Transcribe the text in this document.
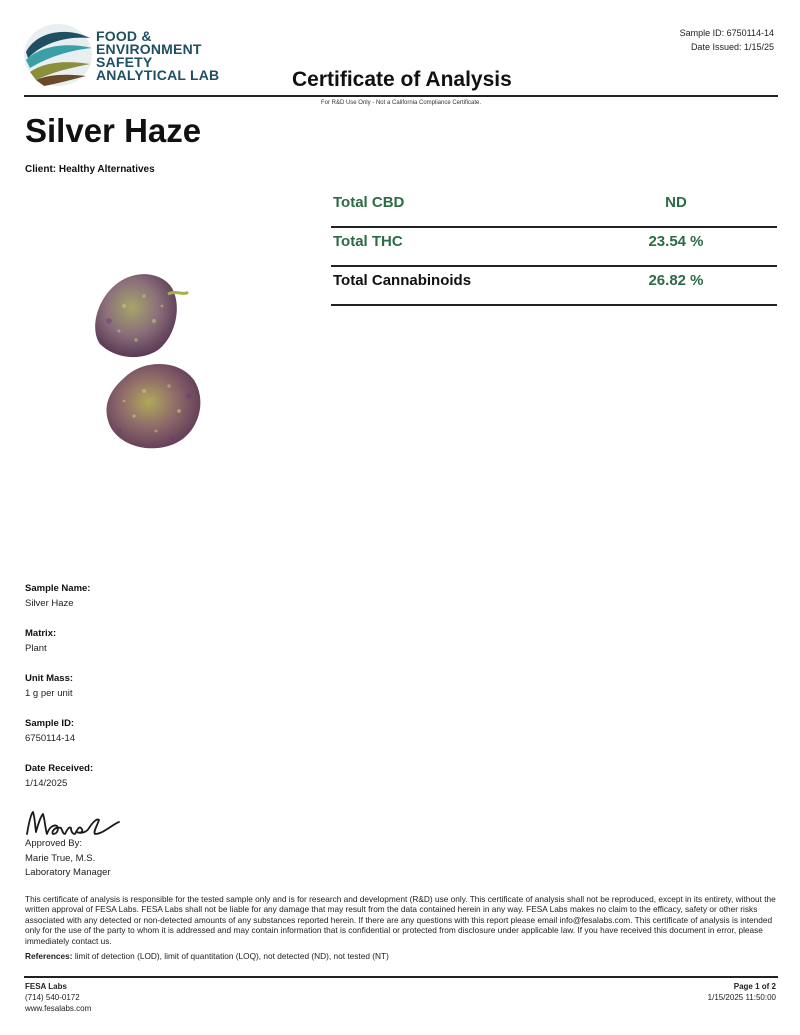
FOOD &
ENVIRONMENT
SAFETY
ANALYTICAL LAB
Sample ID: 6750114-14
Date Issued: 1/15/25
Certificate of Analysis
For R&D Use Only - Not a California Compliance Certificate.
Silver Haze
Client: Healthy Alternatives
Total CBD	ND
Total THC	23.54 %
Total Cannabinoids	26.82 %
Sample Name:
Silver Haze
Matrix:
Plant
Unit Mass:
1 g per unit
Sample ID:
6750114-14
Date Received:
1/14/2025
Approved By:
Marie True, M.S.
Laboratory Manager
This certificate of analysis is responsible for the tested sample only and is for research and development (R&D) use only. This certificate of analysis shall not be reproduced, except in its entirety, without the written approval of FESA Labs. FESA Labs shall not be liable for any damage that may result from the data contained herein in any way. FESA Labs makes no claim to the efficacy, safety or other risks associated with any detected or non-detected amounts of any substances reported herein. If there are any questions with this report please email info@fesalabs.com. This certificate of analysis is intended only for the use of the party to whom it is addressed and may contain information that is confidential or protected from disclosure under applicable law. If you have received this document in error, please immediately contact us.
References: limit of detection (LOD), limit of quantitation (LOQ), not detected (ND), not tested (NT)
FESA Labs
(714) 540-0172
www.fesalabs.com
Page 1 of 2
1/15/2025 11:50:00
